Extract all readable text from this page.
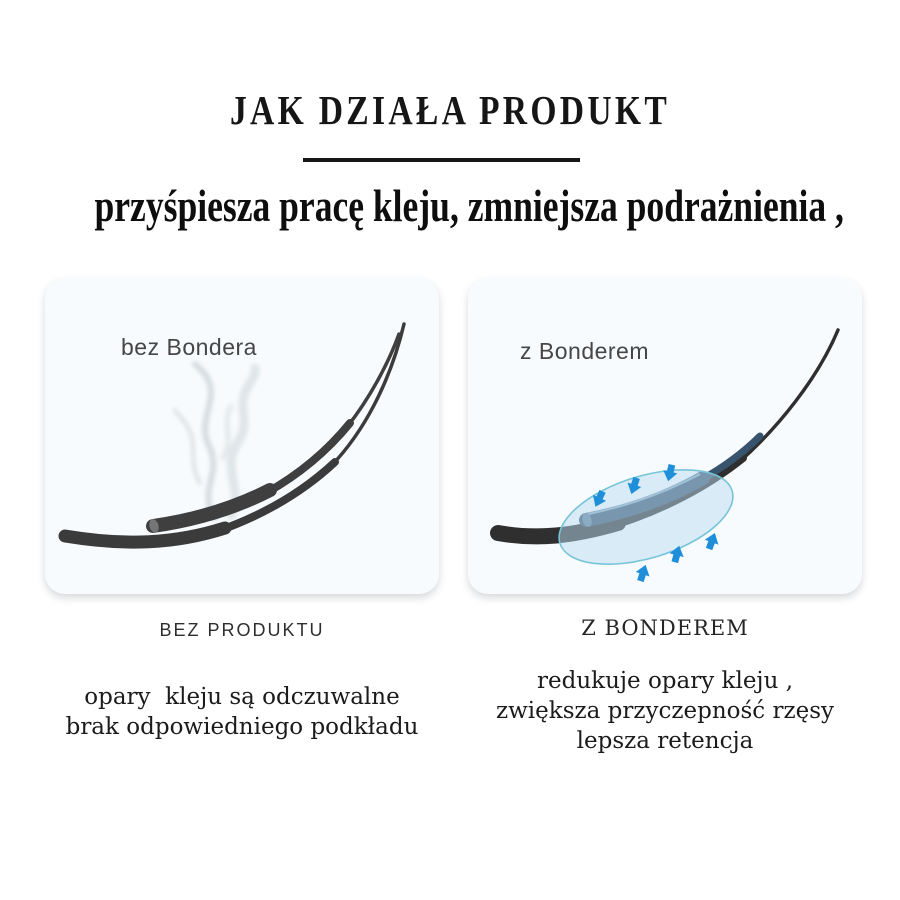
JAK DZIAŁA PRODUKT
przyśpiesza pracę kleju, zmniejsza podrażnienia ,
bez Bondera	z Bonderem
BEZ PRODUKTU
opary  kleju są odczuwalne
brak odpowiedniego podkładu
Z BONDEREM
redukuje opary kleju ,
zwiększa przyczepność rzęsy
lepsza retencja
